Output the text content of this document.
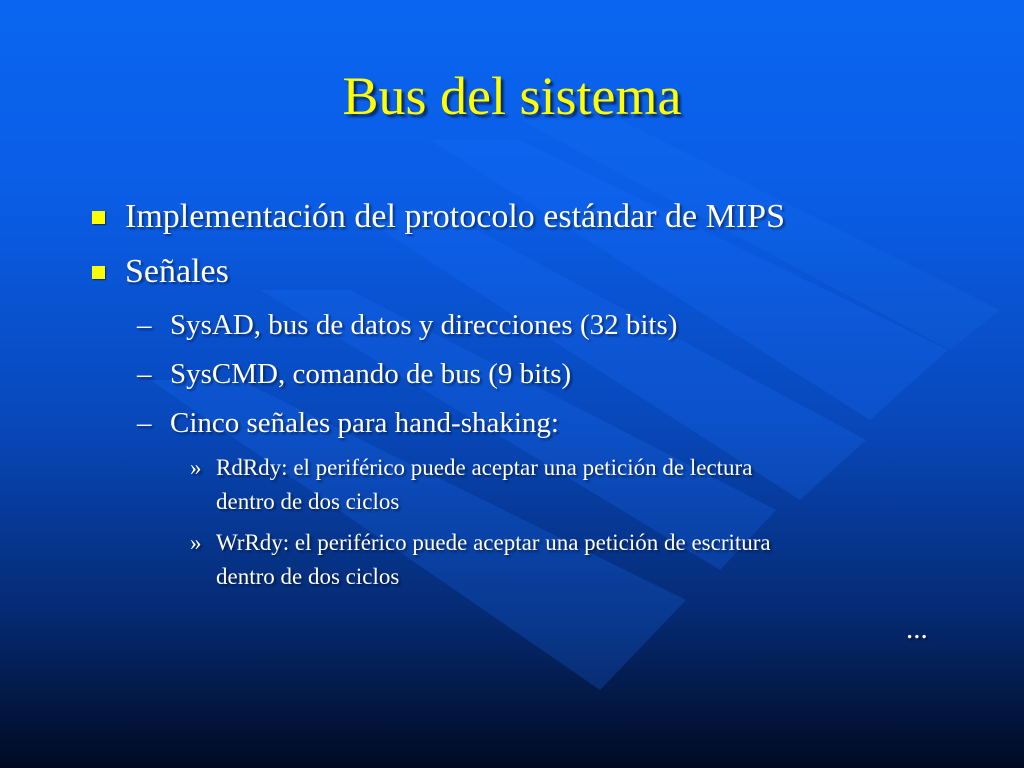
Bus del sistema
Implementación del protocolo estándar de MIPS
Señales
– SysAD, bus de datos y direcciones (32 bits)
– SysCMD, comando de bus (9 bits)
– Cinco señales para hand-shaking:
» RdRdy: el periférico puede aceptar una petición de lectura
dentro de dos ciclos
» WrRdy: el periférico puede aceptar una petición de escritura
dentro de dos ciclos
...
